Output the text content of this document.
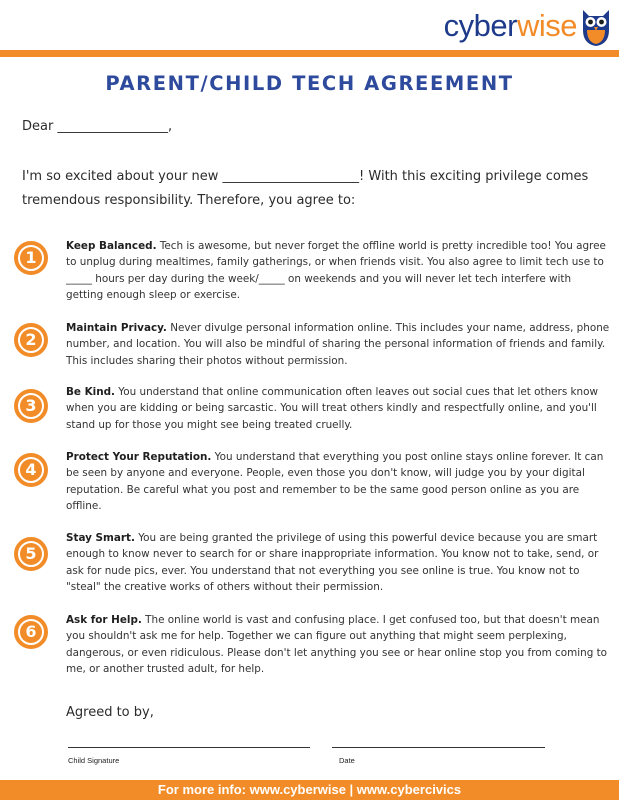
cyberwise
PARENT/CHILD TECH AGREEMENT
Dear _________________,
I'm so excited about your new _____________________! With this exciting privilege comes tremendous responsibility. Therefore, you agree to:
1
Keep Balanced. Tech is awesome, but never forget the offline world is pretty incredible too! You agree to unplug during mealtimes, family gatherings, or when friends visit. You also agree to limit tech use to _____ hours per day during the week/_____ on weekends and you will never let tech interfere with getting enough sleep or exercise.
2
Maintain Privacy. Never divulge personal information online. This includes your name, address, phone number, and location. You will also be mindful of sharing the personal information of friends and family. This includes sharing their photos without permission.
3
Be Kind. You understand that online communication often leaves out social cues that let others know when you are kidding or being sarcastic. You will treat others kindly and respectfully online, and you'll stand up for those you might see being treated cruelly.
4
Protect Your Reputation. You understand that everything you post online stays online forever. It can be seen by anyone and everyone. People, even those you don't know, will judge you by your digital reputation. Be careful what you post and remember to be the same good person online as you are offline.
5
Stay Smart. You are being granted the privilege of using this powerful device because you are smart enough to know never to search for or share inappropriate information. You know not to take, send, or ask for nude pics, ever. You understand that not everything you see online is true. You know not to "steal" the creative works of others without their permission.
6
Ask for Help. The online world is vast and confusing place. I get confused too, but that doesn't mean you shouldn't ask me for help. Together we can figure out anything that might seem perplexing, dangerous, or even ridiculous. Please don't let anything you see or hear online stop you from coming to me, or another trusted adult, for help.
Agreed to by,
Child Signature	Date
For more info: www.cyberwise | www.cybercivics
